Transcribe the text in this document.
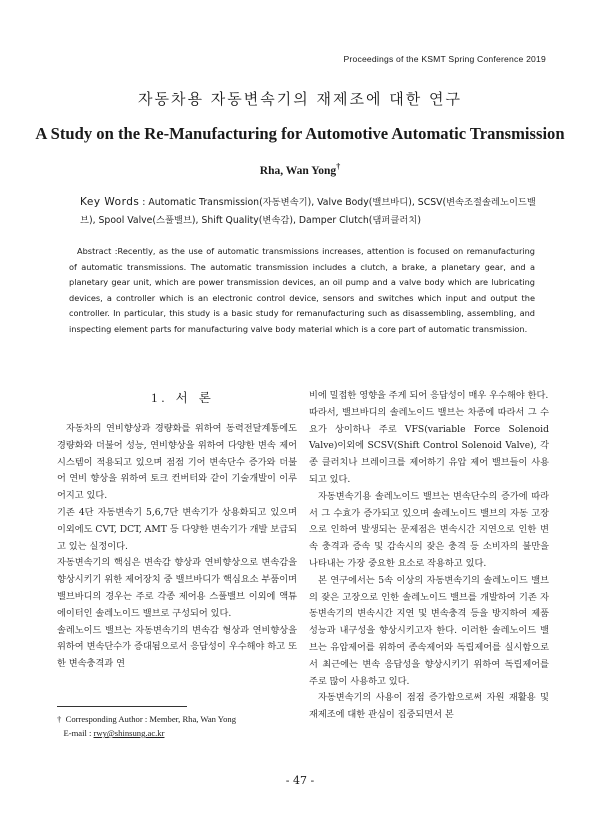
Proceedings of the KSMT Spring Conference 2019
자동차용 자동변속기의 재제조에 대한 연구
A Study on the Re-Manufacturing for Automotive Automatic Transmission
Rha, Wan Yong†
Key Words : Automatic Transmission(자동변속기), Valve Body(밸브바디), SCSV(변속조절솔레노이드밸브), Spool Valve(스풀밸브), Shift Quality(변속감), Damper Clutch(댐퍼클러치)
Abstract :Recently, as the use of automatic transmissions increases, attention is focused on remanufacturing of automatic transmissions. The automatic transmission includes a clutch, a brake, a planetary gear, and a planetary gear unit, which are power transmission devices, an oil pump and a valve body which are lubricating devices, a controller which is an electronic control device, sensors and switches which input and output the controller. In particular, this study is a basic study for remanufacturing such as disassembling, assembling, and inspecting element parts for manufacturing valve body material which is a core part of automatic transmission.
1. 서 론

자동차의 연비향상과 경량화를 위하여 동력전달계통에도 경량화와 더불어 성능, 연비향상을 위하여 다양한 변속 제어 시스템이 적용되고 있으며 점점 기어 변속단수 증가와 더불어 연비 향상을 위하여 토크 컨버터와 같이 기술개발이 이루어지고 있다.

기존 4단 자동변속기 5,6,7단 변속기가 상용화되고 있으며 이외에도 CVT, DCT, AMT 등 다양한 변속기가 개발 보급되고 있는 실정이다.

자동변속기의 핵심은 변속감 향상과 연비향상으로 변속감을 향상시키기 위한 제어장치 중 밸브바디가 핵심요소 부품이며 밸브바디의 경우는 주로 각종 제어용 스풀밸브 이외에 액튜에이터인 솔레노이드 밸브로 구성되어 있다.

솔레노이드 밸브는 자동변속기의 변속감 형상과 연비향상을 위하여 변속단수가 증대됨으로서 응답성이 우수해야 하고 또한 변속충격과 연

비에 밀접한 영향을 주게 되어 응답성이 매우 우수해야 한다.

따라서, 밸브바디의 솔레노이드 밸브는 차종에 따라서 그 수요가 상이하나 주로 VFS(variable Force Solenoid Valve)이외에 SCSV(Shift Control Solenoid Valve), 각종 클러치나 브레이크를 제어하기 유압 제어 밸브들이 사용되고 있다.

자동변속기용 솔레노이드 밸브는 변속단수의 증가에 따라서 그 수효가 증가되고 있으며 솔레노이드 밸브의 자동 고장으로 인하여 발생되는 문제점은 변속시간 지연으로 인한 변속 충격과 증속 및 감속시의 잦은 충격 등 소비자의 불만을 나타내는 가장 중요한 요소로 작용하고 있다.

본 연구에서는 5속 이상의 자동변속기의 솔레노이드 밸브의 잦은 고장으로 인한 솔레노이드 밸브를 개발하여 기존 자동변속기의 변속시간 지연 및 변속충격 등을 방지하여 제품 성능과 내구성을 향상시키고자 한다. 이러한 솔레노이드 밸브는 유압제어를 위하여 종속제어와 독립제어를 실시함으로서 최근에는 변속 응답성을 향상시키기 위하여 독립제어를 주로 많이 사용하고 있다.

자동변속기의 사용이 점점 증가함으로써 자원 재활용 및 재제조에 대한 관심이 집중되면서 본

† Corresponding Author : Member, Rha, Wan Yong
E-mail : rwy@shinsung.ac.kr
- 47 -
